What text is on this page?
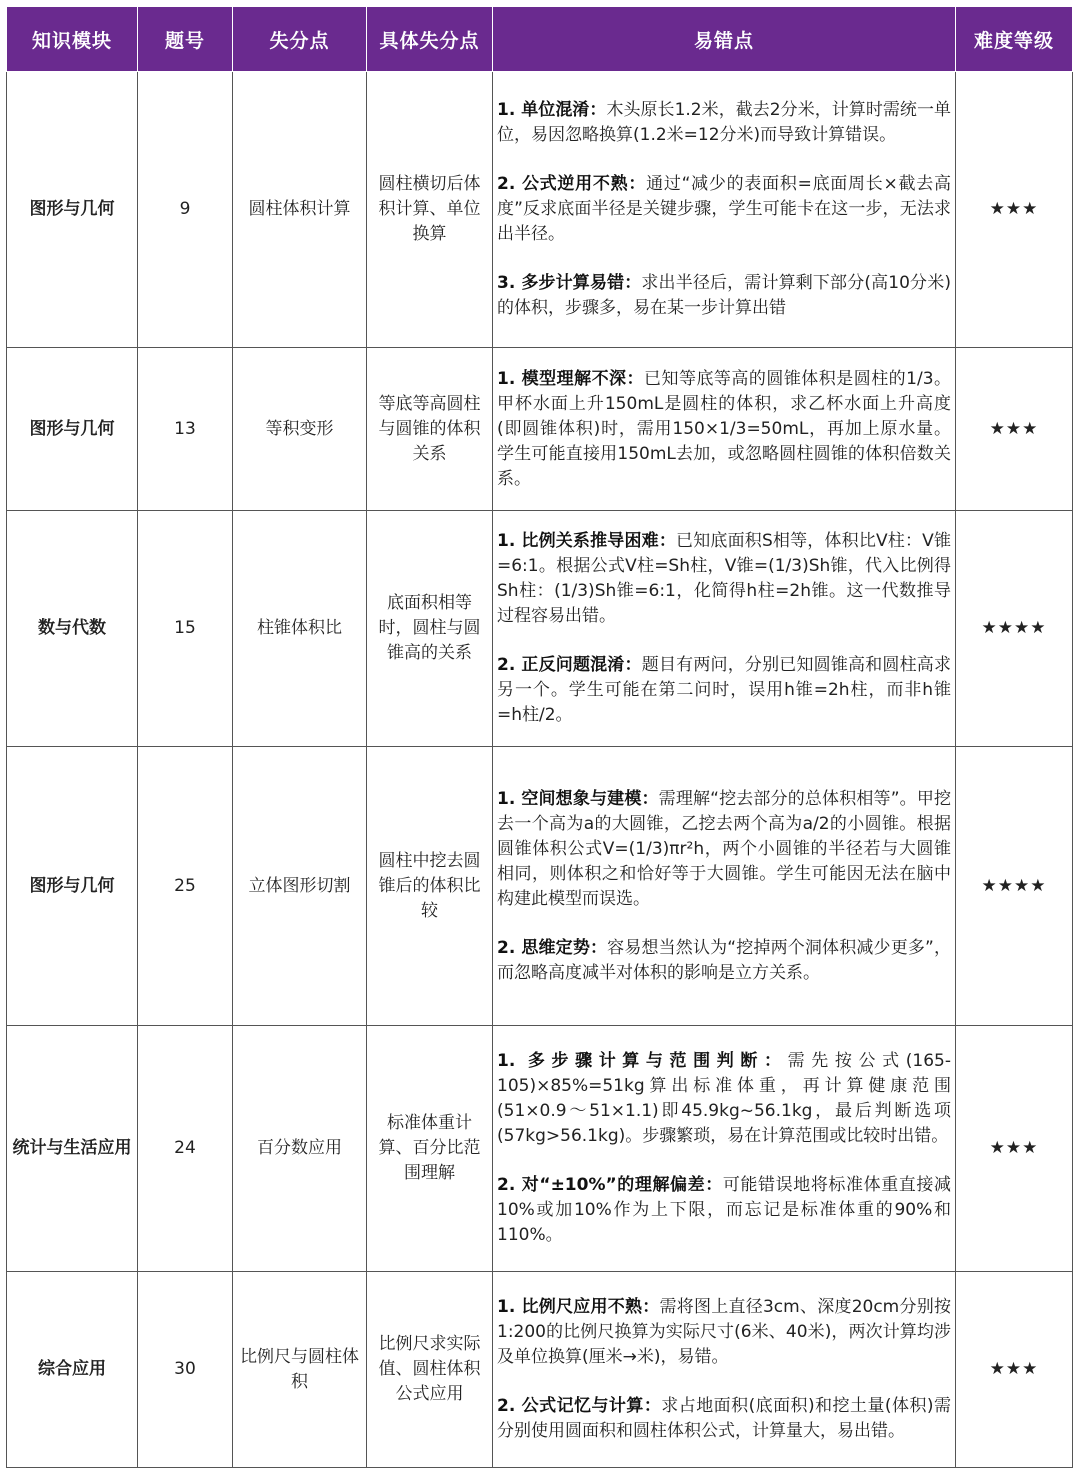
知识模块	题号	失分点	具体失分点	易错点	难度等级
图形与几何	9	圆柱体积计算	圆柱横切后体积计算、单位换算	1. 单位混淆：木头原长1.2米，截去2分米，计算时需统一单位，易因忽略换算(1.2米=12分米)而导致计算错误。

2. 公式逆用不熟：通过“减少的表面积=底面周长×截去高度”反求底面半径是关键步骤，学生可能卡在这一步，无法求出半径。

3. 多步计算易错：求出半径后，需计算剩下部分(高10分米)的体积，步骤多，易在某一步计算出错	★★★
图形与几何	13	等积变形	等底等高圆柱与圆锥的体积关系	1. 模型理解不深：已知等底等高的圆锥体积是圆柱的1/3。甲杯水面上升150mL是圆柱的体积，求乙杯水面上升高度(即圆锥体积)时，需用150×1/3=50mL，再加上原水量。学生可能直接用150mL去加，或忽略圆柱圆锥的体积倍数关系。	★★★
数与代数	15	柱锥体积比	底面积相等时，圆柱与圆锥高的关系	1. 比例关系推导困难：已知底面积S相等，体积比V柱：V锥=6:1。根据公式V柱=Sh柱，V锥=(1/3)Sh锥，代入比例得Sh柱：(1/3)Sh锥=6:1，化简得h柱=2h锥。这一代数推导过程容易出错。

2. 正反问题混淆：题目有两问，分别已知圆锥高和圆柱高求另一个。学生可能在第二问时，误用h锥=2h柱，而非h锥=h柱/2。	★★★★
图形与几何	25	立体图形切割	圆柱中挖去圆锥后的体积比较	1. 空间想象与建模：需理解“挖去部分的总体积相等”。甲挖去一个高为a的大圆锥，乙挖去两个高为a/2的小圆锥。根据圆锥体积公式V=(1/3)πr²h，两个小圆锥的半径若与大圆锥相同，则体积之和恰好等于大圆锥。学生可能因无法在脑中构建此模型而误选。

2. 思维定势：容易想当然认为“挖掉两个洞体积减少更多”，而忽略高度减半对体积的影响是立方关系。	★★★★
统计与生活应用	24	百分数应用	标准体重计算、百分比范围理解	1. 多步骤计算与范围判断：需先按公式(165-105)×85%=51kg算出标准体重，再计算健康范围(51×0.9～51×1.1)即45.9kg~56.1kg，最后判断选项(57kg>56.1kg)。步骤繁琐，易在计算范围或比较时出错。

2. 对“±10%”的理解偏差：可能错误地将标准体重直接减10%或加10%作为上下限，而忘记是标准体重的90%和110%。	★★★
综合应用	30	比例尺与圆柱体积	比例尺求实际值、圆柱体积公式应用	1. 比例尺应用不熟：需将图上直径3cm、深度20cm分别按1:200的比例尺换算为实际尺寸(6米、40米)，两次计算均涉及单位换算(厘米→米)，易错。

2. 公式记忆与计算：求占地面积(底面积)和挖土量(体积)需分别使用圆面积和圆柱体积公式，计算量大，易出错。	★★★
